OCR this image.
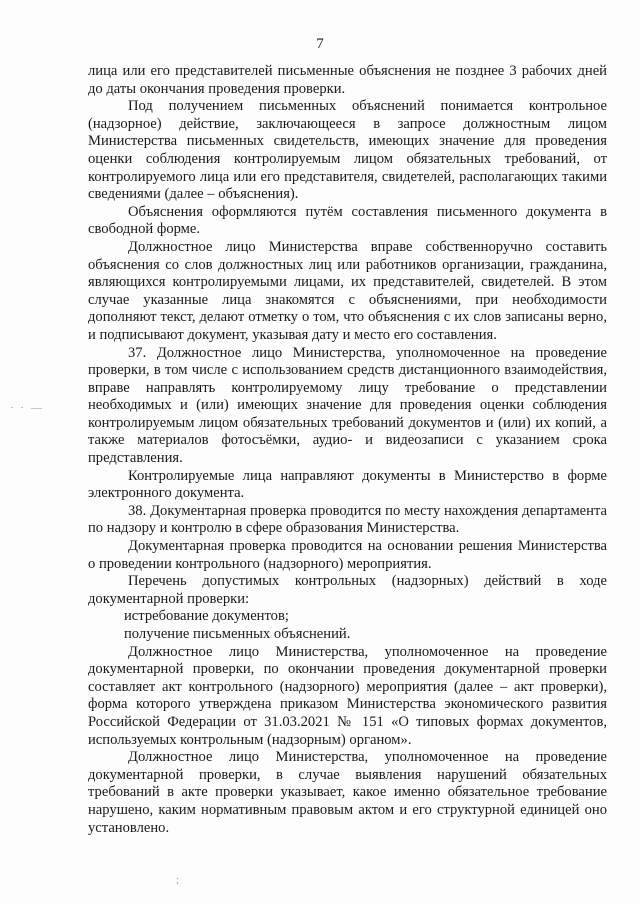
7

лица или его представителей письменные объяснения не позднее 3 рабочих дней до даты окончания проведения проверки.

Под получением письменных объяснений понимается контрольное (надзорное) действие, заключающееся в запросе должностным лицом Министерства письменных свидетельств, имеющих значение для проведения оценки соблюдения контролируемым лицом обязательных требований, от контролируемого лица или его представителя, свидетелей, располагающих такими сведениями (далее – объяснения).

Объяснения оформляются путём составления письменного документа в свободной форме.

Должностное лицо Министерства вправе собственноручно составить объяснения со слов должностных лиц или работников организации, гражданина, являющихся контролируемыми лицами, их представителей, свидетелей. В этом случае указанные лица знакомятся с объяснениями, при необходимости дополняют текст, делают отметку о том, что объяснения с их слов записаны верно, и подписывают документ, указывая дату и место его составления.

37. Должностное лицо Министерства, уполномоченное на проведение проверки, в том числе с использованием средств дистанционного взаимодействия, вправе направлять контролируемому лицу требование о представлении необходимых и (или) имеющих значение для проведения оценки соблюдения контролируемым лицом обязательных требований документов и (или) их копий, а также материалов фотосъёмки, аудио- и видеозаписи с указанием срока представления.

Контролируемые лица направляют документы в Министерство в форме электронного документа.

38. Документарная проверка проводится по месту нахождения департамента по надзору и контролю в сфере образования Министерства.

Документарная проверка проводится на основании решения Министерства о проведении контрольного (надзорного) мероприятия.

Перечень допустимых контрольных (надзорных) действий в ходе документарной проверки:

истребование документов;

получение письменных объяснений.

Должностное лицо Министерства, уполномоченное на проведение документарной проверки, по окончании проведения документарной проверки составляет акт контрольного (надзорного) мероприятия (далее – акт проверки), форма которого утверждена приказом Министерства экономического развития Российской Федерации от 31.03.2021 № 151 «О типовых формах документов, используемых контрольным (надзорным) органом».

Должностное лицо Министерства, уполномоченное на проведение документарной проверки, в случае выявления нарушений обязательных требований в акте проверки указывает, какое именно обязательное требование нарушено, каким нормативным правовым актом и его структурной единицей оно установлено.

· · —
;
